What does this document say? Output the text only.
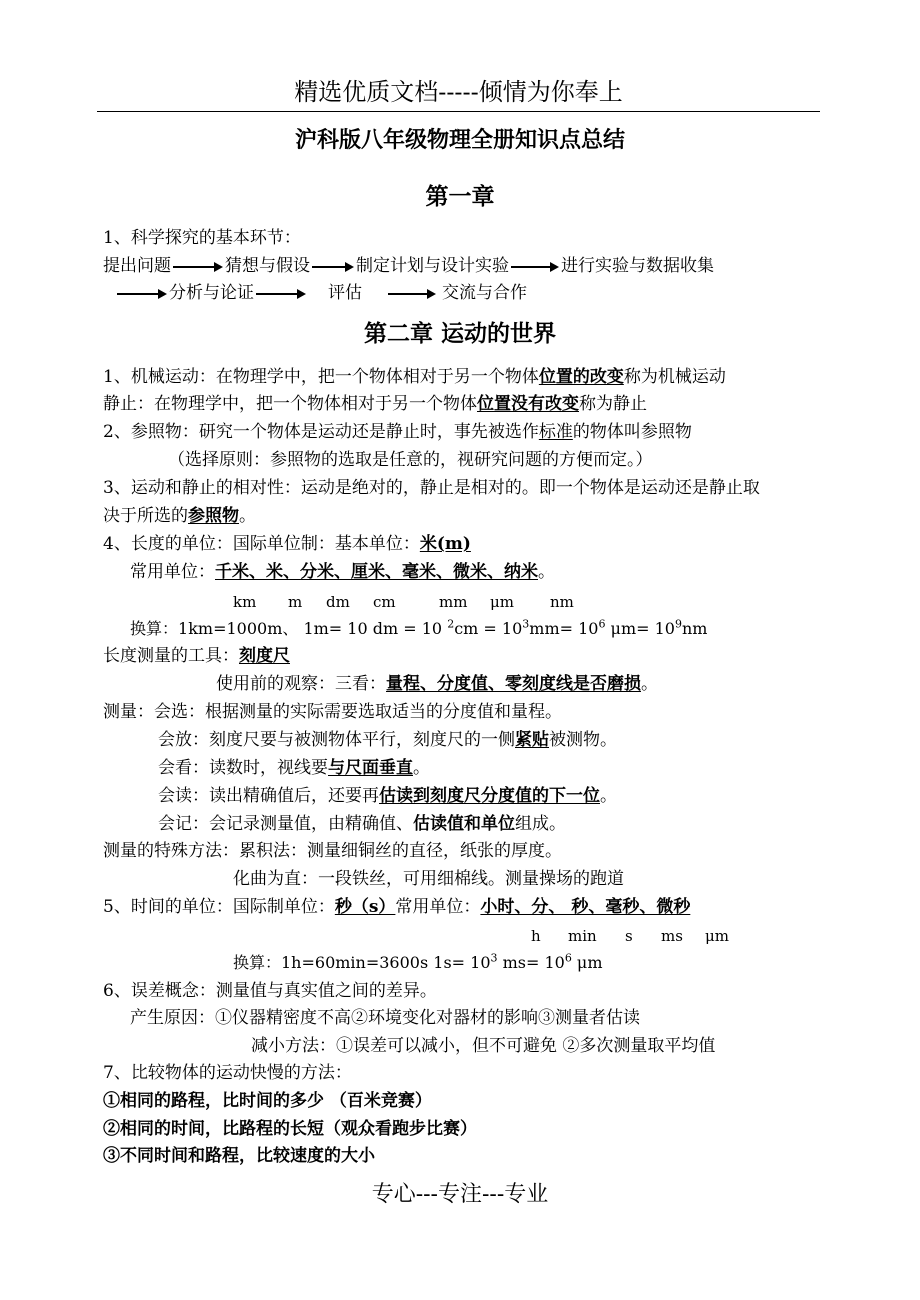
精选优质文档-----倾情为你奉上
沪科版八年级物理全册知识点总结
第一章
1、科学探究的基本环节：
提出问题	猜想与假设	制定计划与设计实验	进行实验与数据收集
分析与论证	评估	交流与合作
第二章 运动的世界
1、机械运动：在物理学中，把一个物体相对于另一个物体位置的改变称为机械运动
静止：在物理学中，把一个物体相对于另一个物体位置没有改变称为静止
2、参照物：研究一个物体是运动还是静止时，事先被选作标准的物体叫参照物
（选择原则：参照物的选取是任意的，视研究问题的方便而定。）
3、运动和静止的相对性：运动是绝对的，静止是相对的。即一个物体是运动还是静止取
决于所选的参照物。
4、长度的单位：国际单位制：基本单位：米(m)
常用单位：千米、米、分米、厘米、毫米、微米、纳米。
km m dm cm	mm μm nm
换算：1km=1000m、 1m= 10 dm = 10 $^2cm = 10^3mm= 10^6$ $\mu m= 10^9nm$
长度测量的工具：刻度尺
使用前的观察：三看：量程、分度值、零刻度线是否磨损。
测量：会选：根据测量的实际需要选取适当的分度值和量程。
会放：刻度尺要与被测物体平行，刻度尺的一侧紧贴被测物。
会看：读数时，视线要与尺面垂直。
会读：读出精确值后，还要再估读到刻度尺分度值的下一位。
会记：会记录测量值，由精确值、估读值和单位组成。
测量的特殊方法：累积法：测量细铜丝的直径，纸张的厚度。
化曲为直：一段铁丝，可用细棉线。测量操场的跑道
5、时间的单位：国际制单位：秒（s）常用单位：小时、分、 秒、毫秒、微秒
h min s ms μm
换算：1h=60min=3600s $1s= 10^3$ $ms= 10^6$ μm
6、误差概念：测量值与真实值之间的差异。
产生原因：①仪器精密度不高②环境变化对器材的影响③测量者估读
减小方法：①误差可以减小，但不可避免 ②多次测量取平均值
7、比较物体的运动快慢的方法：
①相同的路程，比时间的多少 （百米竞赛）
②相同的时间，比路程的长短（观众看跑步比赛）
③不同时间和路程，比较速度的大小
专心---专注---专业
